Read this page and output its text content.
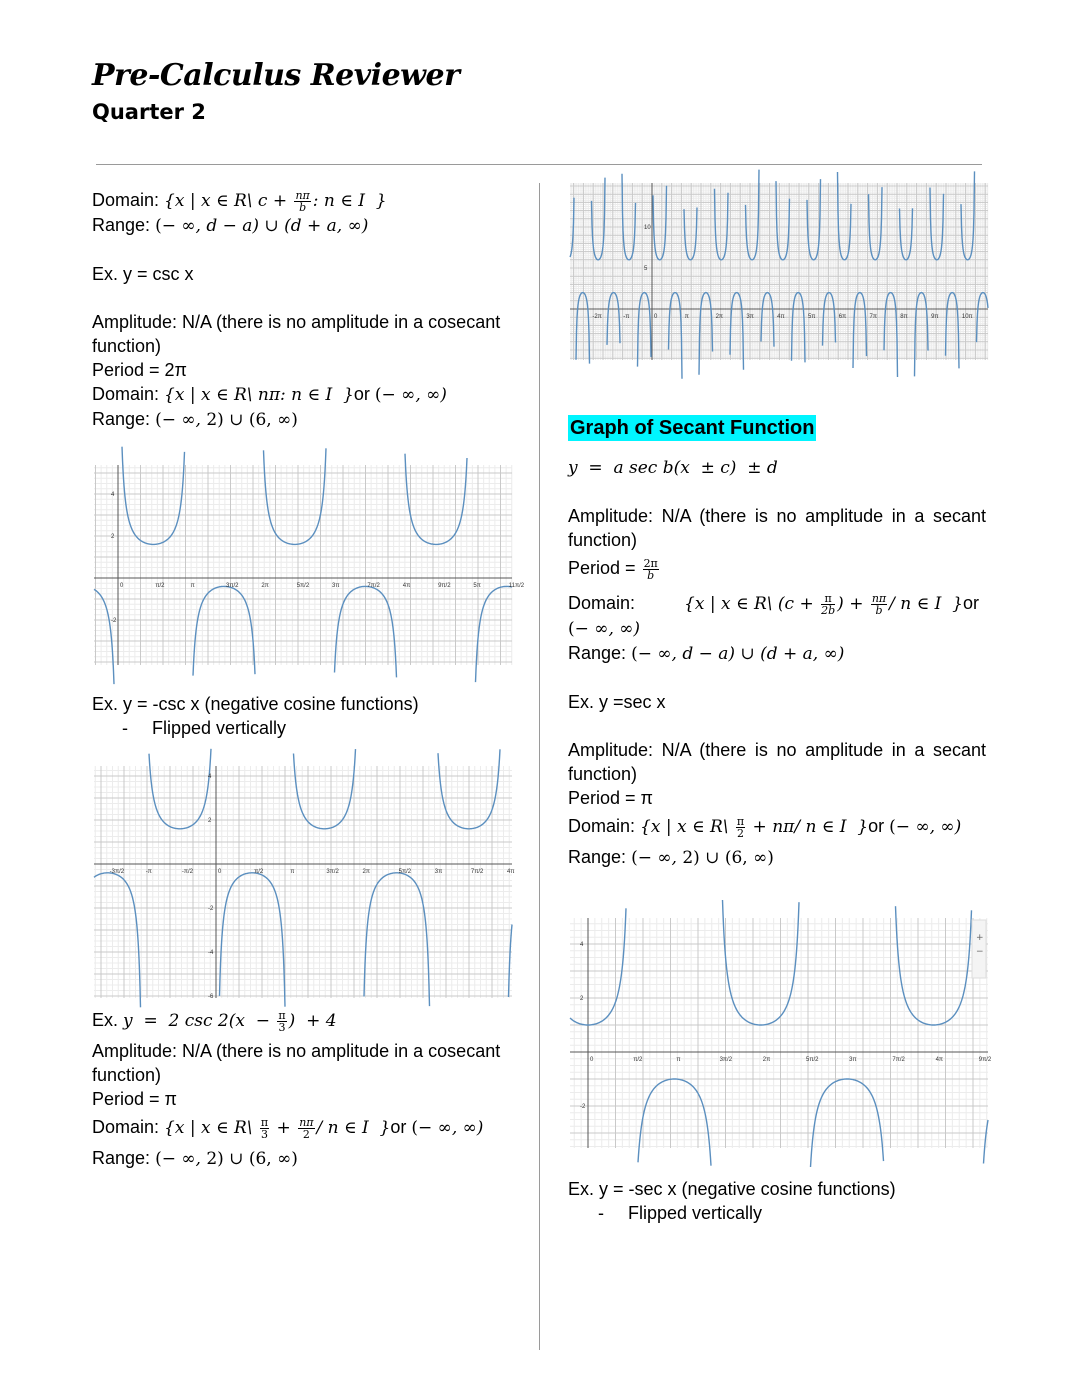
Pre-Calculus Reviewer
Quarter 2
Domain: {x | x ∈ R\ $c + \frac{n\pi}{b}$ : n ∈ I  }
Range: (− ∞, d − a) ∪ (d + a, ∞)
Ex. y = csc x
Amplitude: N/A (there is no amplitude in a cosecant function)
Period = 2π
Domain: {x | x ∈ R\ nπ: n ∈ I  }or (− ∞, ∞)
Range: (− ∞, 2) ∪ (6, ∞)
0	π/2	π	3π/2	2π	5π/2	3π	7π/2	4π	9π/2	5π	11π/2
4
2
-2
Ex. y = -csc x (negative cosine functions)
- Flipped vertically
-3π/2	-π	-π/2	0	π/2	π	3π/2	2π	5π/2	3π	7π/2	4π
4
2
-2
-4
-6
Ex. y  =  2 $\csc 2(x - \frac{\pi}{3}$ )  + 4
Amplitude: N/A (there is no amplitude in a cosecant function)
Period = π
Domain: {x | x ∈ R\ $\frac{\pi}{3} + \frac{n\pi}{2} / n$ ∈ I  }or (− ∞, ∞)
Range: (− ∞, 2) ∪ (6, ∞)
-2π	-π	0	π	2π	3π	4π	5π	6π	7π	8π	9π	10π
10
5
Graph of Secant Function
y  =  a sec b(x  ± c)  ± d
Amplitude: N/A (there is no amplitude in a secant function)
Period = $\frac{2\pi}{b}$
Domain:	{x | x ∈ R\ ($c + \frac{\pi}{2b}$ ) + $\frac{n\pi}{b}$ / n ∈ I  }or
(− ∞, ∞)
Range: (− ∞, d − a) ∪ (d + a, ∞)
Ex. y =sec x
Amplitude: N/A (there is no amplitude in a secant function)
Period = π
Domain: {x | x ∈ R\ $\frac{\pi}{2} + n\pi/$ n ∈ I  }or (− ∞, ∞)
Range: (− ∞, 2) ∪ (6, ∞)
0	π/2	π	3π/2	2π	5π/2	3π	7π/2	4π	9π/2
4
2
-2
+
−
Ex. y = -sec x (negative cosine functions)
- Flipped vertically
